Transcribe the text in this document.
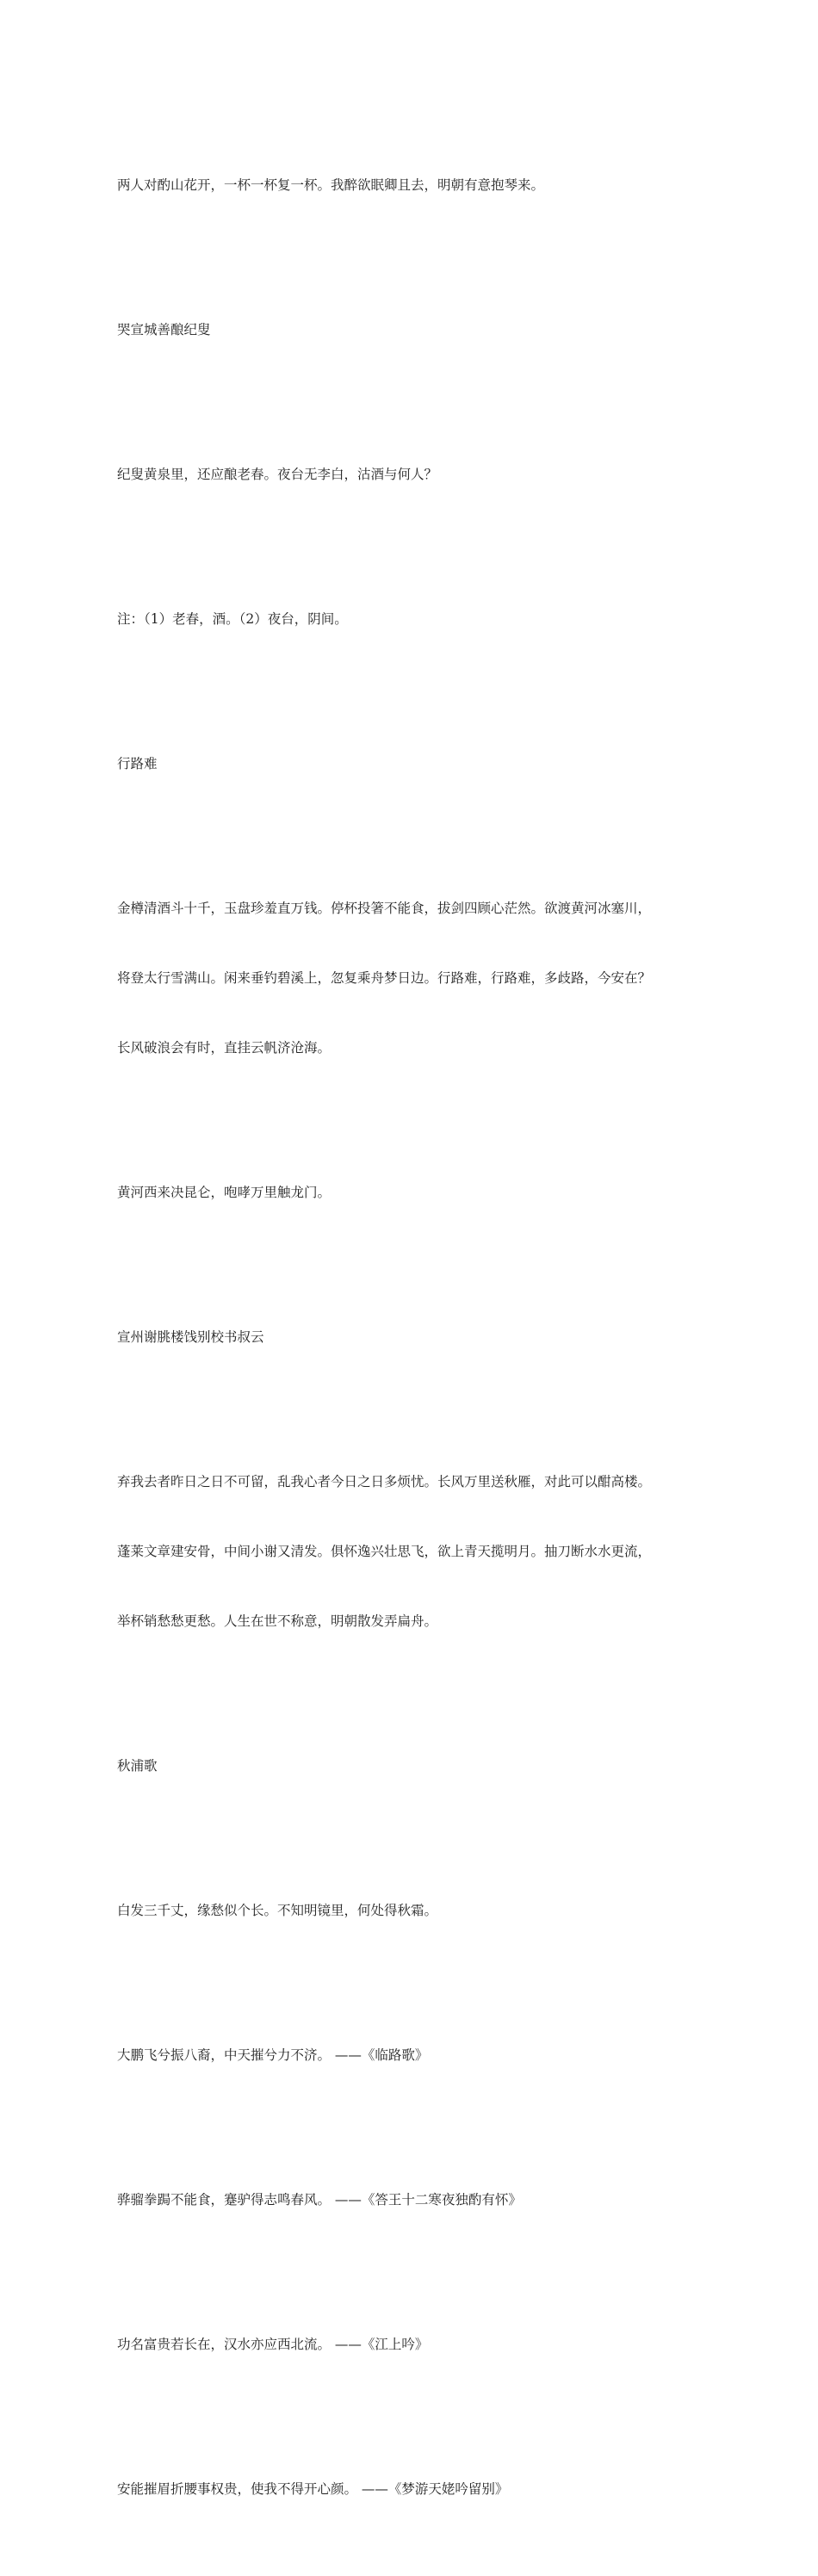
两人对酌山花开，一杯一杯复一杯。我醉欲眠卿且去，明朝有意抱琴来。

哭宣城善酿纪叟

纪叟黄泉里，还应酿老春。夜台无李白，沽酒与何人？

注：（1）老春，酒。（2）夜台，阴间。

行路难

金樽清酒斗十千，玉盘珍羞直万钱。停杯投箸不能食，拔剑四顾心茫然。欲渡黄河冰塞川，

将登太行雪满山。闲来垂钓碧溪上，忽复乘舟梦日边。行路难，行路难，多歧路，今安在？

长风破浪会有时，直挂云帆济沧海。

黄河西来决昆仑，咆哮万里触龙门。

宣州谢朓楼饯别校书叔云

弃我去者昨日之日不可留，乱我心者今日之日多烦忧。长风万里送秋雁，对此可以酣高楼。

蓬莱文章建安骨，中间小谢又清发。俱怀逸兴壮思飞，欲上青天揽明月。抽刀断水水更流，

举杯销愁愁更愁。人生在世不称意，明朝散发弄扁舟。

秋浦歌

白发三千丈，缘愁似个长。不知明镜里，何处得秋霜。

大鹏飞兮振八裔，中天摧兮力不济。 ——《临路歌》

骅骝拳跼不能食，蹇驴得志鸣春风。 ——《答王十二寒夜独酌有怀》

功名富贵若长在，汉水亦应西北流。 ——《江上吟》

安能摧眉折腰事权贵，使我不得开心颜。 ——《梦游天姥吟留别》
